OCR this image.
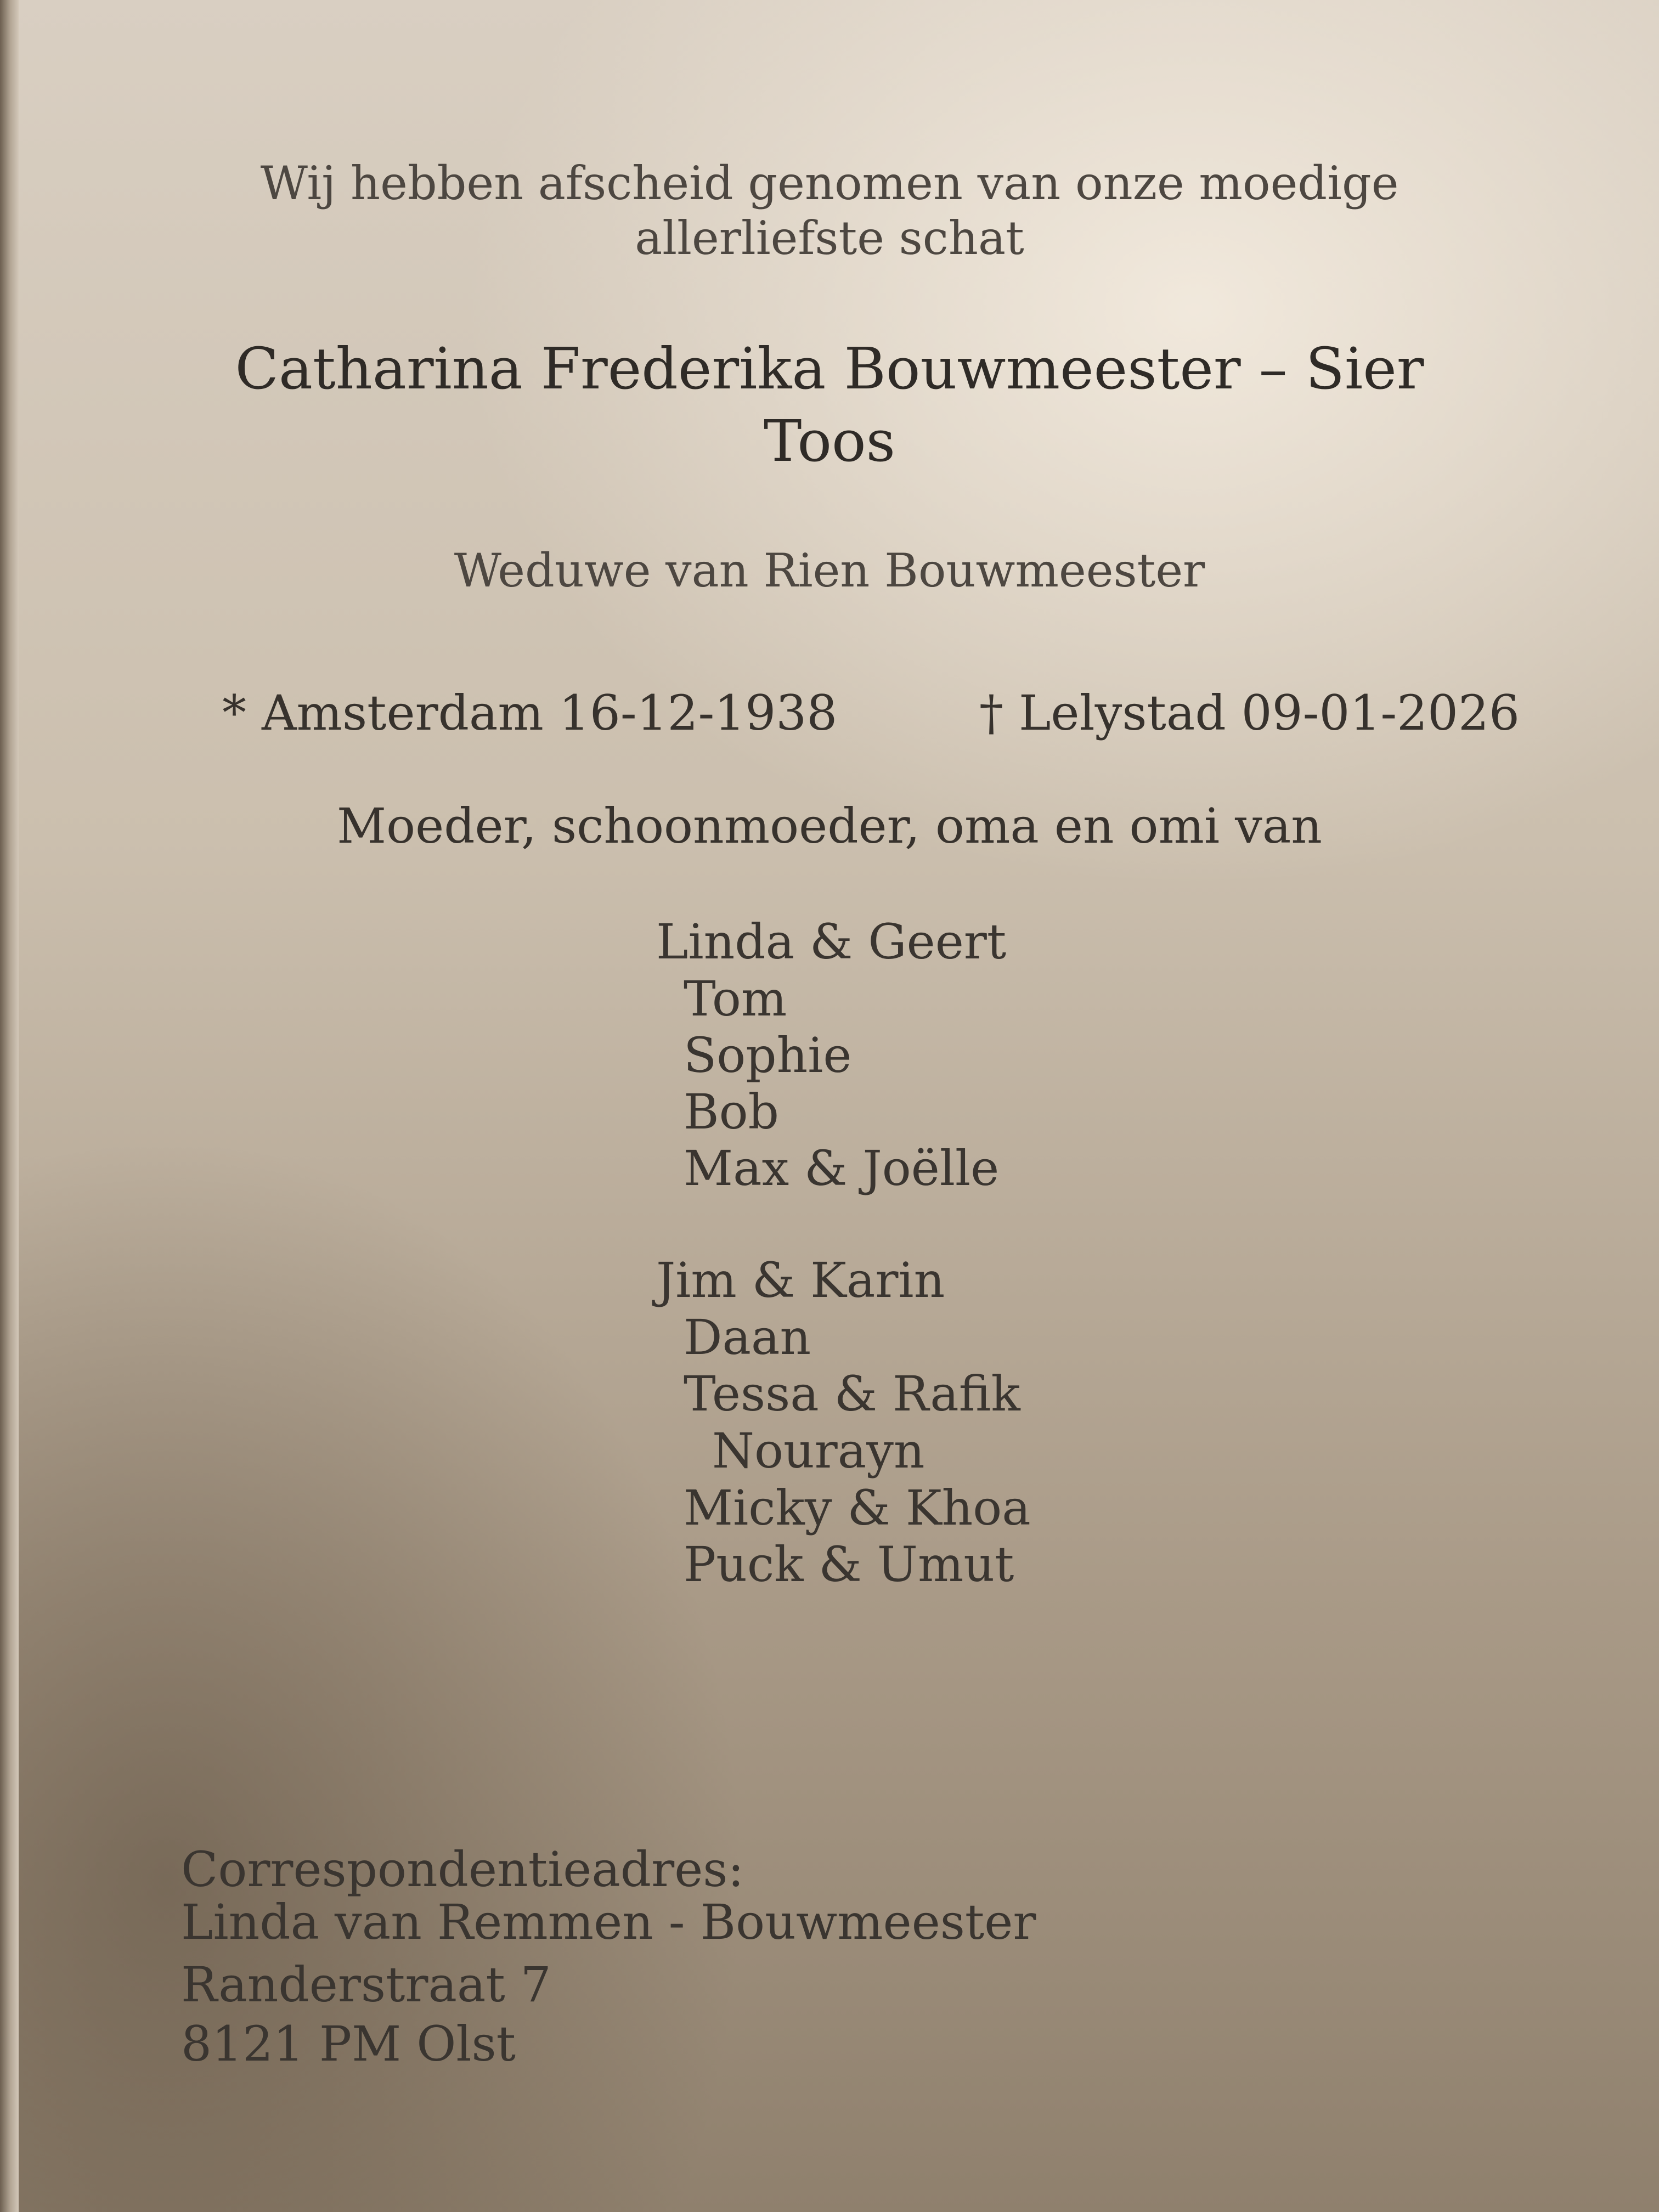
Wij hebben afscheid genomen van onze moedige
allerliefste schat
Catharina Frederika Bouwmeester – Sier
Toos
Weduwe van Rien Bouwmeester
* Amsterdam 16-12-1938	† Lelystad 09-01-2026
Moeder, schoonmoeder, oma en omi van
Linda & Geert
Tom
Sophie
Bob
Max & Joëlle
Jim & Karin
Daan
Tessa & Rafik
Nourayn
Micky & Khoa
Puck & Umut
Correspondentieadres:
Linda van Remmen - Bouwmeester
Randerstraat 7
8121 PM Olst
